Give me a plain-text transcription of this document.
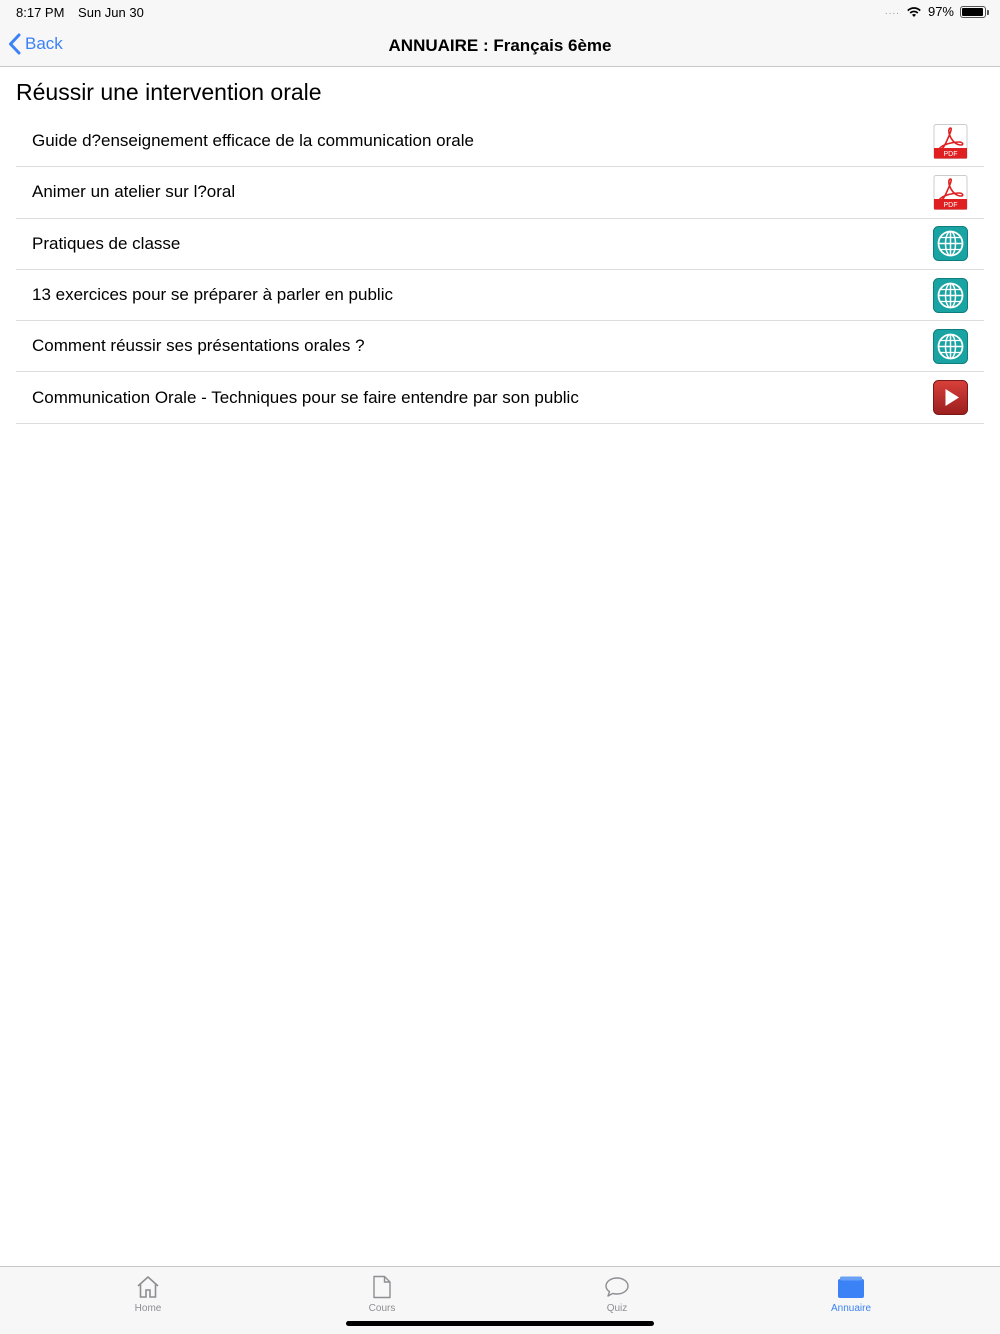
8:17 PM Sun Jun 30	.... 97%
Back	ANNUAIRE : Français 6ème
Réussir une intervention orale
Guide d?enseignement efficace de la communication orale
PDF
Animer un atelier sur l?oral
PDF
Pratiques de classe
13 exercices pour se préparer à parler en public
Comment réussir ses présentations orales ?
Communication Orale - Techniques pour se faire entendre par son public
Home	Cours	Quiz	Annuaire
